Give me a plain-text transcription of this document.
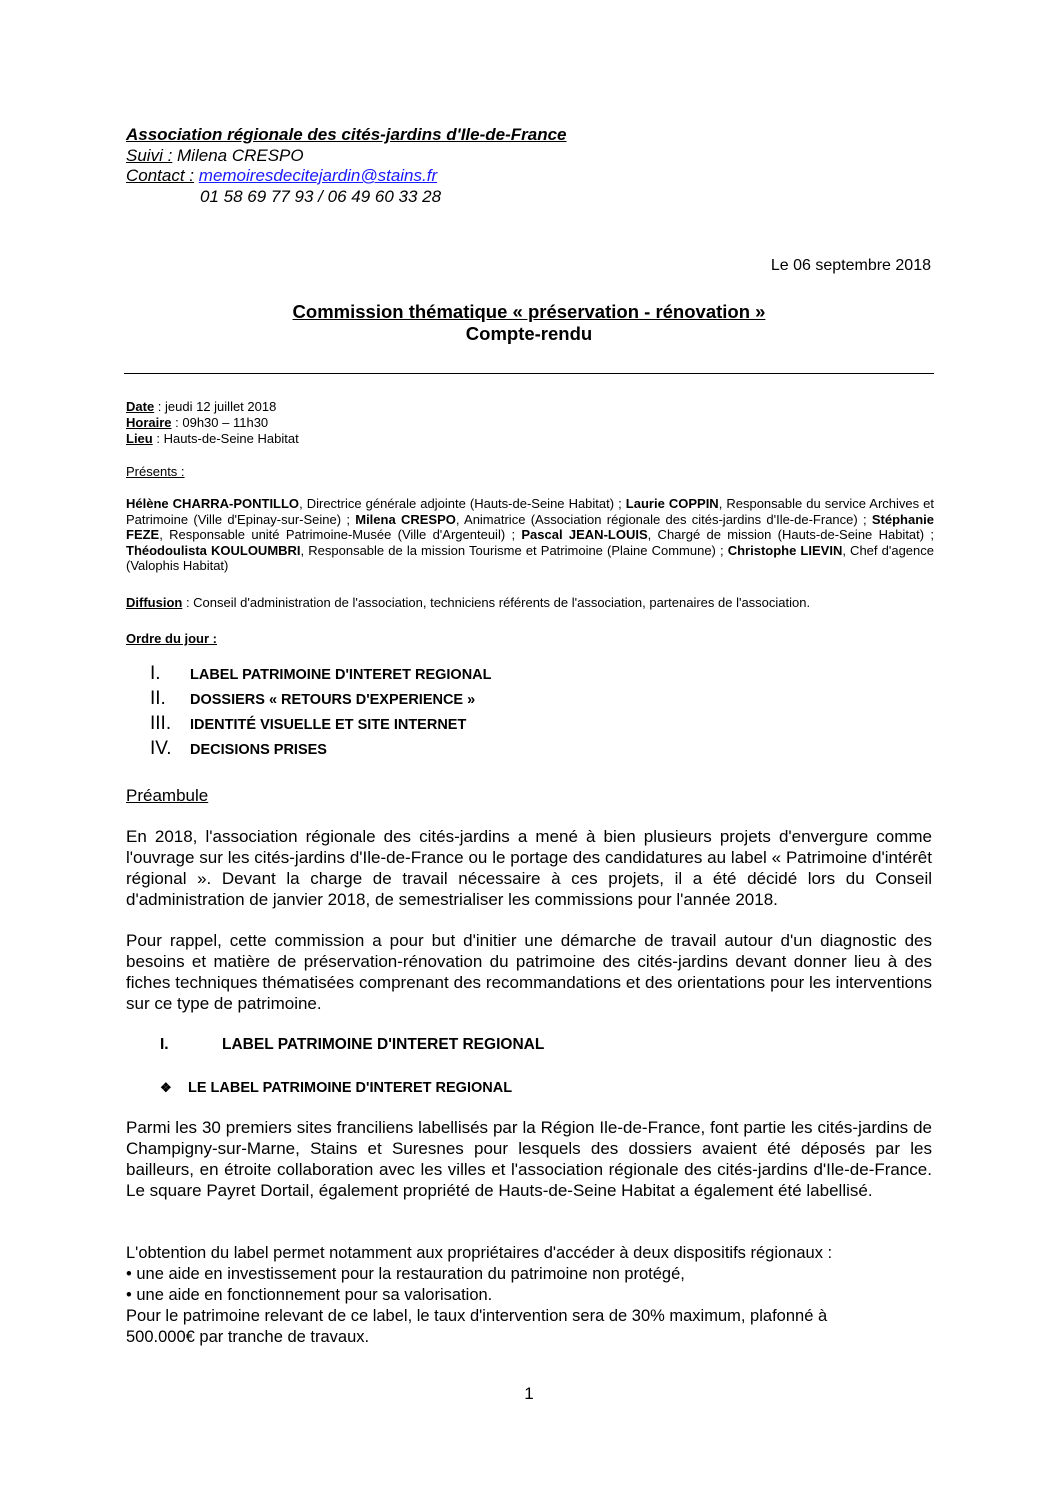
Association régionale des cités-jardins d'Ile-de-France
Suivi : Milena CRESPO
Contact : memoiresdecitejardin@stains.fr
01 58 69 77 93 / 06 49 60 33 28
Le 06 septembre 2018
Commission thématique « préservation - rénovation »
Compte-rendu
Date : jeudi 12 juillet 2018
Horaire : 09h30 – 11h30
Lieu : Hauts-de-Seine Habitat
Présents :
Hélène CHARRA-PONTILLO, Directrice générale adjointe (Hauts-de-Seine Habitat) ; Laurie COPPIN, Responsable du service Archives et Patrimoine (Ville d'Epinay-sur-Seine) ; Milena CRESPO, Animatrice (Association régionale des cités-jardins d'Ile-de-France) ; Stéphanie FEZE, Responsable unité Patrimoine-Musée (Ville d'Argenteuil) ; Pascal JEAN-LOUIS, Chargé de mission (Hauts-de-Seine Habitat) ; Théodoulista KOULOUMBRI, Responsable de la mission Tourisme et Patrimoine (Plaine Commune) ; Christophe LIEVIN, Chef d'agence (Valophis Habitat)
Diffusion : Conseil d'administration de l'association, techniciens référents de l'association, partenaires de l'association.
Ordre du jour :
I.	LABEL PATRIMOINE D'INTERET REGIONAL
II.	DOSSIERS « RETOURS D'EXPERIENCE »
III.	IDENTITÉ VISUELLE ET SITE INTERNET
IV.	DECISIONS PRISES
Préambule
En 2018, l'association régionale des cités-jardins a mené à bien plusieurs projets d'envergure comme l'ouvrage sur les cités-jardins d'Ile-de-France ou le portage des candidatures au label « Patrimoine d'intérêt régional ». Devant la charge de travail nécessaire à ces projets, il a été décidé lors du Conseil d'administration de janvier 2018, de semestrialiser les commissions pour l'année 2018.
Pour rappel, cette commission a pour but d'initier une démarche de travail autour d'un diagnostic des besoins et matière de préservation-rénovation du patrimoine des cités-jardins devant donner lieu à des fiches techniques thématisées comprenant des recommandations et des orientations pour les interventions sur ce type de patrimoine.
I.	LABEL PATRIMOINE D'INTERET REGIONAL
❖	LE LABEL PATRIMOINE D'INTERET REGIONAL
Parmi les 30 premiers sites franciliens labellisés par la Région Ile-de-France, font partie les cités-jardins de Champigny-sur-Marne, Stains et Suresnes pour lesquels des dossiers avaient été déposés par les bailleurs, en étroite collaboration avec les villes et l'association régionale des cités-jardins d'Ile-de-France. Le square Payret Dortail, également propriété de Hauts-de-Seine Habitat a également été labellisé.
L'obtention du label permet notamment aux propriétaires d'accéder à deux dispositifs régionaux :
• une aide en investissement pour la restauration du patrimoine non protégé,
• une aide en fonctionnement pour sa valorisation.
Pour le patrimoine relevant de ce label, le taux d'intervention sera de 30% maximum, plafonné à
500.000€ par tranche de travaux.
1
